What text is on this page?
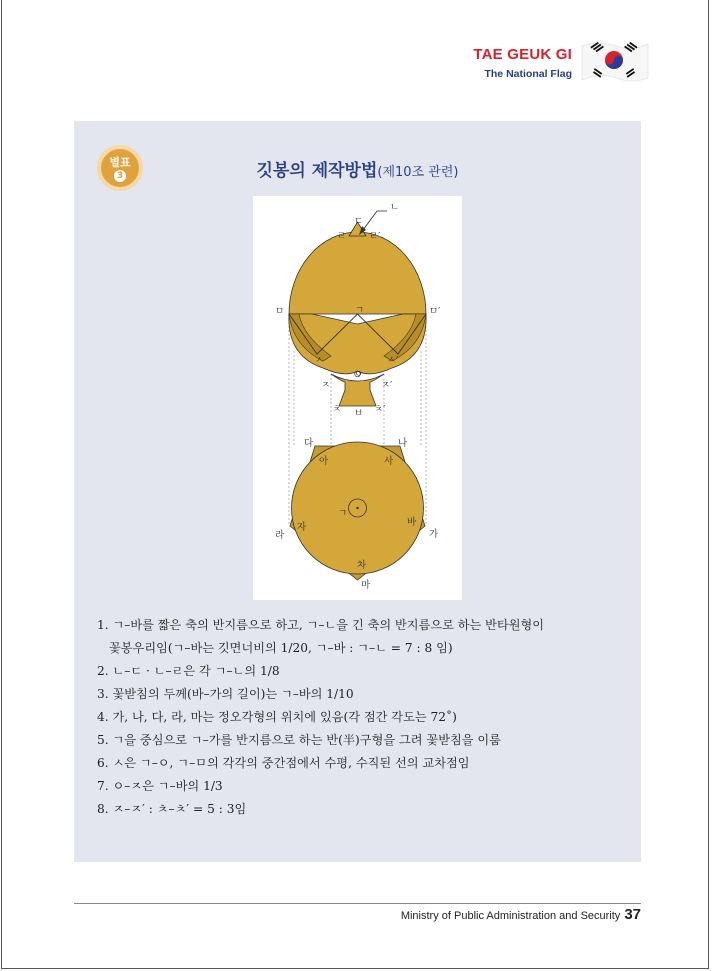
TAE GEUK GI
The National Flag
별표
3	깃봉의 제작방법(제10조 관련)
ㄷ
ㄴ
ㄹ ㄹ′
ㄱ
ㅁ	ㅁ′
ㅅ	ㅅ′
ㅇ
ㅈ	ㅈ′
ㅊ	ㅊ′
ㅂ
다	나
아	사
ㄱ
라
자	바
가
차
마
1. ㄱ–바를 짧은 축의 반지름으로 하고, ㄱ–ㄴ을 긴 축의 반지름으로 하는 반타원형이
꽃봉우리임(ㄱ–바는 깃면너비의 1/20, ㄱ–바 : ㄱ–ㄴ = 7 : 8 임)
2. ㄴ–ㄷ · ㄴ–ㄹ은 각 ㄱ–ㄴ의 1/8
3. 꽃받침의 두께(바–가의 길이)는 ㄱ–바의 1/10
4. 가, 나, 다, 라, 마는 정오각형의 위치에 있음(각 점간 각도는 72˚)
5. ㄱ을 중심으로 ㄱ–가를 반지름으로 하는 반(半)구형을 그려 꽃받침을 이룸
6. ㅅ은 ㄱ–ㅇ, ㄱ–ㅁ의 각각의 중간점에서 수평, 수직된 선의 교차점임
7. ㅇ–ㅈ은 ㄱ–바의 1/3
8. ㅈ–ㅈ′ : ㅊ–ㅊ′ = 5 : 3임
Ministry of Public Administration and Security 37
